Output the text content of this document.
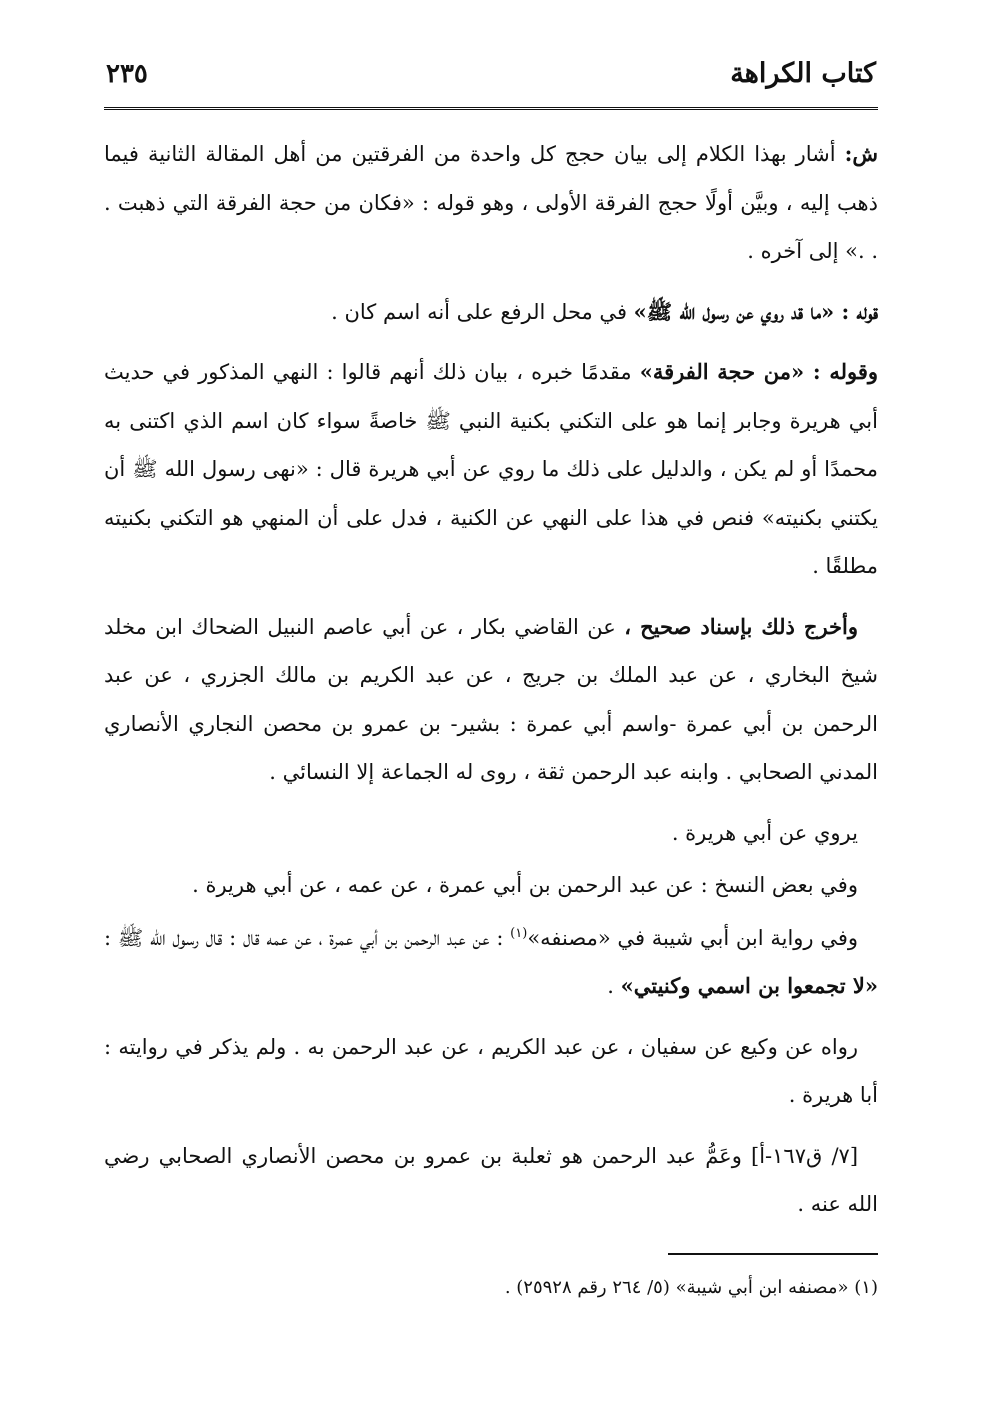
كتاب الكراهة
٢٣٥

ش: أشار بهذا الكلام إلى بيان حجج كل واحدة من الفرقتين من أهل المقالة الثانية فيما ذهب إليه ، وبيَّن أولًا حجج الفرقة الأولى ، وهو قوله : «فكان من حجة الفرقة التي ذهبت . . .» إلى آخره .

قوله : «ما قد روي عن رسول الله ﷺ» في محل الرفع على أنه اسم كان .

وقوله : «من حجة الفرقة» مقدمًا خبره ، بيان ذلك أنهم قالوا : النهي المذكور في حديث أبي هريرة وجابر إنما هو على التكني بكنية النبي ﷺ خاصةً سواء كان اسم الذي اكتنى به محمدًا أو لم يكن ، والدليل على ذلك ما روي عن أبي هريرة قال : «نهى رسول الله ﷺ أن يكتني بكنيته» فنص في هذا على النهي عن الكنية ، فدل على أن المنهي هو التكني بكنيته مطلقًا .

وأخرج ذلك بإسناد صحيح ، عن القاضي بكار ، عن أبي عاصم النبيل الضحاك ابن مخلد شيخ البخاري ، عن عبد الملك بن جريج ، عن عبد الكريم بن مالك الجزري ، عن عبد الرحمن بن أبي عمرة -واسم أبي عمرة : بشير- بن عمرو بن محصن النجاري الأنصاري المدني الصحابي . وابنه عبد الرحمن ثقة ، روى له الجماعة إلا النسائي .

يروي عن أبي هريرة .

وفي بعض النسخ : عن عبد الرحمن بن أبي عمرة ، عن عمه ، عن أبي هريرة .

وفي رواية ابن أبي شيبة في «مصنفه»$^{(١)}$ : عن عبد الرحمن بن أبي عمرة ، عن عمه قال : قال رسول الله ﷺ : «لا تجمعوا بن اسمي وكنيتي» .

رواه عن وكيع عن سفيان ، عن عبد الكريم ، عن عبد الرحمن به . ولم يذكر في روايته : أبا هريرة .

[٧/ ق١٦٧-أ] وعَمُّ عبد الرحمن هو ثعلبة بن عمرو بن محصن الأنصاري الصحابي رضي الله عنه .

(١) «مصنفه ابن أبي شيبة» (٥/ ٢٦٤ رقم ٢٥٩٢٨) .
